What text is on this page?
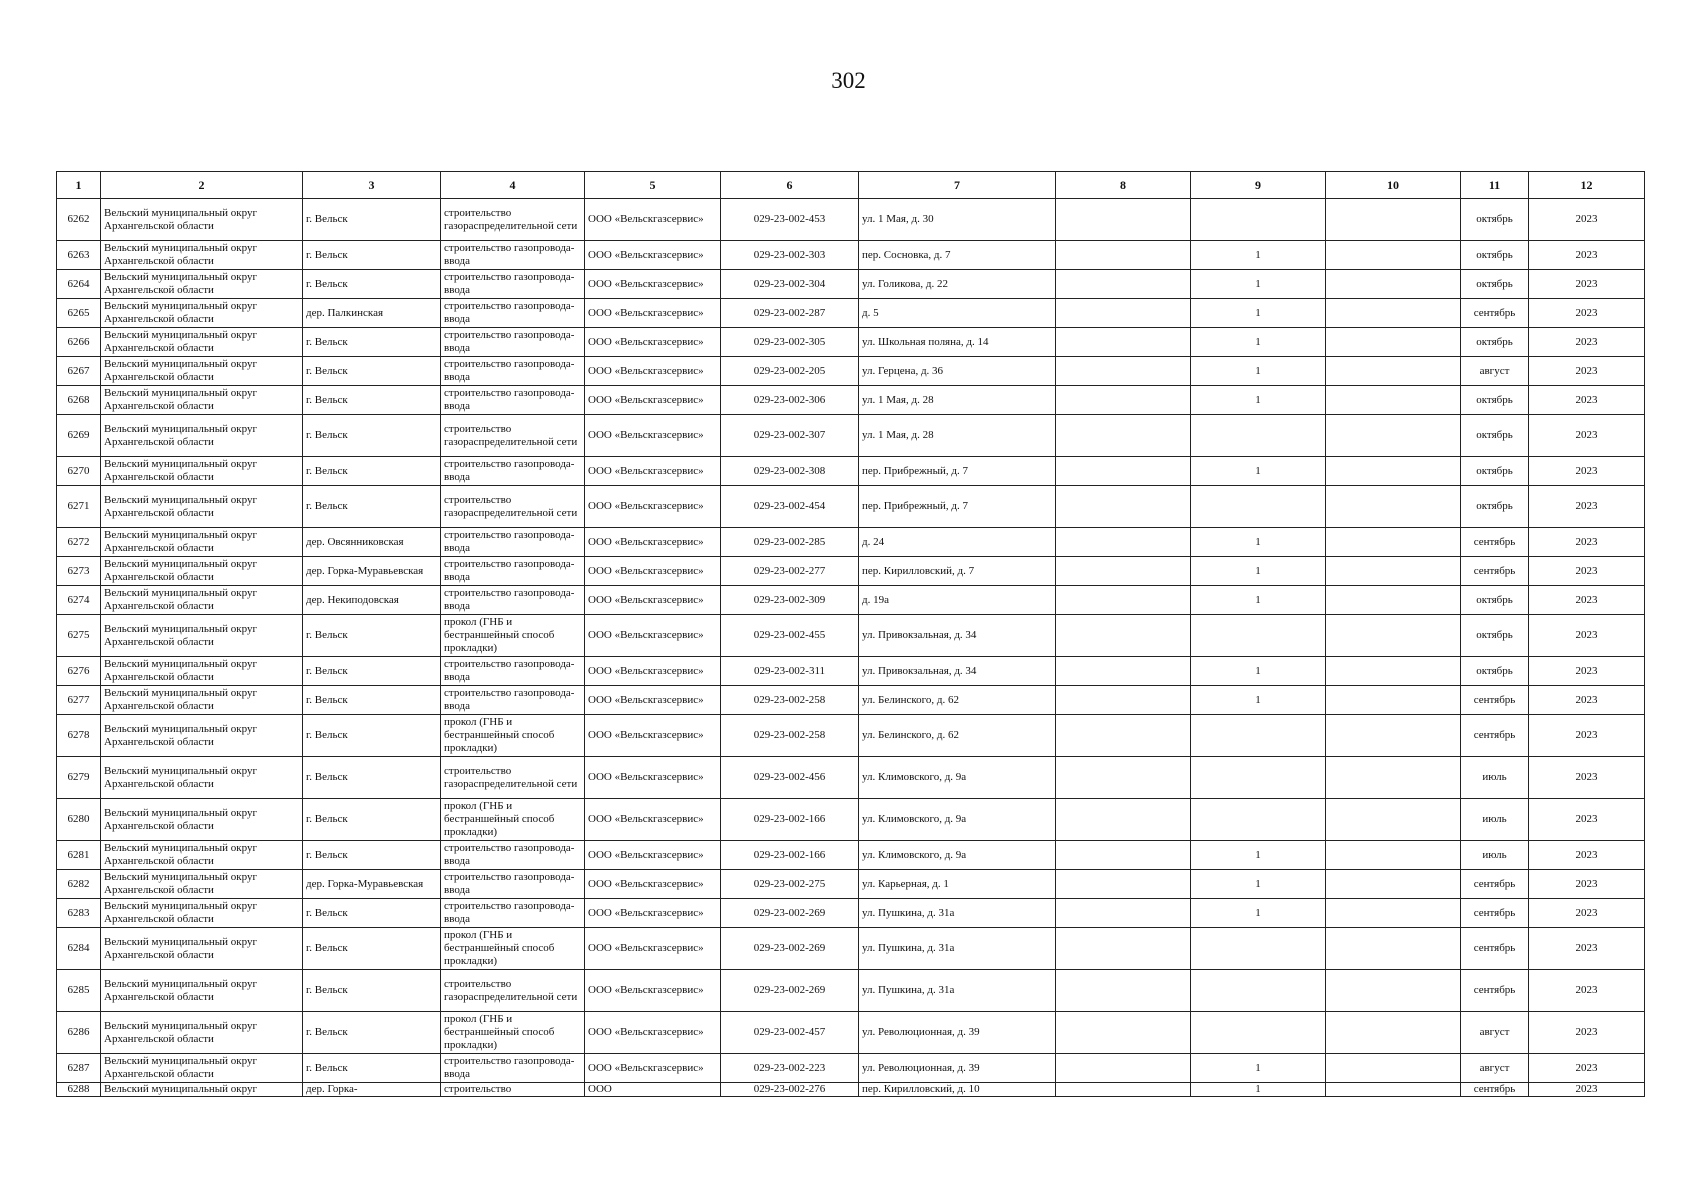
302
1	2	3	4	5	6	7	8	9	10	11	12
6262	Вельский муниципальный округ Архангельской области	г. Вельск	строительство газораспределительной сети	ООО «Вельскгазсервис»	029-23-002-453	ул. 1 Мая, д. 30				октябрь	2023
6263	Вельский муниципальный округ Архангельской области	г. Вельск	строительство газопровода-ввода	ООО «Вельскгазсервис»	029-23-002-303	пер. Сосновка, д. 7		1		октябрь	2023
6264	Вельский муниципальный округ Архангельской области	г. Вельск	строительство газопровода-ввода	ООО «Вельскгазсервис»	029-23-002-304	ул. Голикова, д. 22		1		октябрь	2023
6265	Вельский муниципальный округ Архангельской области	дер. Палкинская	строительство газопровода-ввода	ООО «Вельскгазсервис»	029-23-002-287	д. 5		1		сентябрь	2023
6266	Вельский муниципальный округ Архангельской области	г. Вельск	строительство газопровода-ввода	ООО «Вельскгазсервис»	029-23-002-305	ул. Школьная поляна, д. 14		1		октябрь	2023
6267	Вельский муниципальный округ Архангельской области	г. Вельск	строительство газопровода-ввода	ООО «Вельскгазсервис»	029-23-002-205	ул. Герцена, д. 36		1		август	2023
6268	Вельский муниципальный округ Архангельской области	г. Вельск	строительство газопровода-ввода	ООО «Вельскгазсервис»	029-23-002-306	ул. 1 Мая, д. 28		1		октябрь	2023
6269	Вельский муниципальный округ Архангельской области	г. Вельск	строительство газораспределительной сети	ООО «Вельскгазсервис»	029-23-002-307	ул. 1 Мая, д. 28				октябрь	2023
6270	Вельский муниципальный округ Архангельской области	г. Вельск	строительство газопровода-ввода	ООО «Вельскгазсервис»	029-23-002-308	пер. Прибрежный, д. 7		1		октябрь	2023
6271	Вельский муниципальный округ Архангельской области	г. Вельск	строительство газораспределительной сети	ООО «Вельскгазсервис»	029-23-002-454	пер. Прибрежный, д. 7				октябрь	2023
6272	Вельский муниципальный округ Архангельской области	дер. Овсянниковская	строительство газопровода-ввода	ООО «Вельскгазсервис»	029-23-002-285	д. 24		1		сентябрь	2023
6273	Вельский муниципальный округ Архангельской области	дер. Горка-Муравьевская	строительство газопровода-ввода	ООО «Вельскгазсервис»	029-23-002-277	пер. Кирилловский, д. 7		1		сентябрь	2023
6274	Вельский муниципальный округ Архангельской области	дер. Некиподовская	строительство газопровода-ввода	ООО «Вельскгазсервис»	029-23-002-309	д. 19а		1		октябрь	2023
6275	Вельский муниципальный округ Архангельской области	г. Вельск	прокол (ГНБ и бестраншейный способ прокладки)	ООО «Вельскгазсервис»	029-23-002-455	ул. Привокзальная, д. 34				октябрь	2023
6276	Вельский муниципальный округ Архангельской области	г. Вельск	строительство газопровода-ввода	ООО «Вельскгазсервис»	029-23-002-311	ул. Привокзальная, д. 34		1		октябрь	2023
6277	Вельский муниципальный округ Архангельской области	г. Вельск	строительство газопровода-ввода	ООО «Вельскгазсервис»	029-23-002-258	ул. Белинского, д. 62		1		сентябрь	2023
6278	Вельский муниципальный округ Архангельской области	г. Вельск	прокол (ГНБ и бестраншейный способ прокладки)	ООО «Вельскгазсервис»	029-23-002-258	ул. Белинского, д. 62				сентябрь	2023
6279	Вельский муниципальный округ Архангельской области	г. Вельск	строительство газораспределительной сети	ООО «Вельскгазсервис»	029-23-002-456	ул. Климовского, д. 9а				июль	2023
6280	Вельский муниципальный округ Архангельской области	г. Вельск	прокол (ГНБ и бестраншейный способ прокладки)	ООО «Вельскгазсервис»	029-23-002-166	ул. Климовского, д. 9а				июль	2023
6281	Вельский муниципальный округ Архангельской области	г. Вельск	строительство газопровода-ввода	ООО «Вельскгазсервис»	029-23-002-166	ул. Климовского, д. 9а		1		июль	2023
6282	Вельский муниципальный округ Архангельской области	дер. Горка-Муравьевская	строительство газопровода-ввода	ООО «Вельскгазсервис»	029-23-002-275	ул. Карьерная, д. 1		1		сентябрь	2023
6283	Вельский муниципальный округ Архангельской области	г. Вельск	строительство газопровода-ввода	ООО «Вельскгазсервис»	029-23-002-269	ул. Пушкина, д. 31а		1		сентябрь	2023
6284	Вельский муниципальный округ Архангельской области	г. Вельск	прокол (ГНБ и бестраншейный способ прокладки)	ООО «Вельскгазсервис»	029-23-002-269	ул. Пушкина, д. 31а				сентябрь	2023
6285	Вельский муниципальный округ Архангельской области	г. Вельск	строительство газораспределительной сети	ООО «Вельскгазсервис»	029-23-002-269	ул. Пушкина, д. 31а				сентябрь	2023
6286	Вельский муниципальный округ Архангельской области	г. Вельск	прокол (ГНБ и бестраншейный способ прокладки)	ООО «Вельскгазсервис»	029-23-002-457	ул. Революционная, д. 39				август	2023
6287	Вельский муниципальный округ Архангельской области	г. Вельск	строительство газопровода-ввода	ООО «Вельскгазсервис»	029-23-002-223	ул. Революционная, д. 39		1		август	2023
6288	Вельский муниципальный округ	дер. Горка-	строительство	ООО	029-23-002-276	пер. Кирилловский, д. 10		1		сентябрь	2023
